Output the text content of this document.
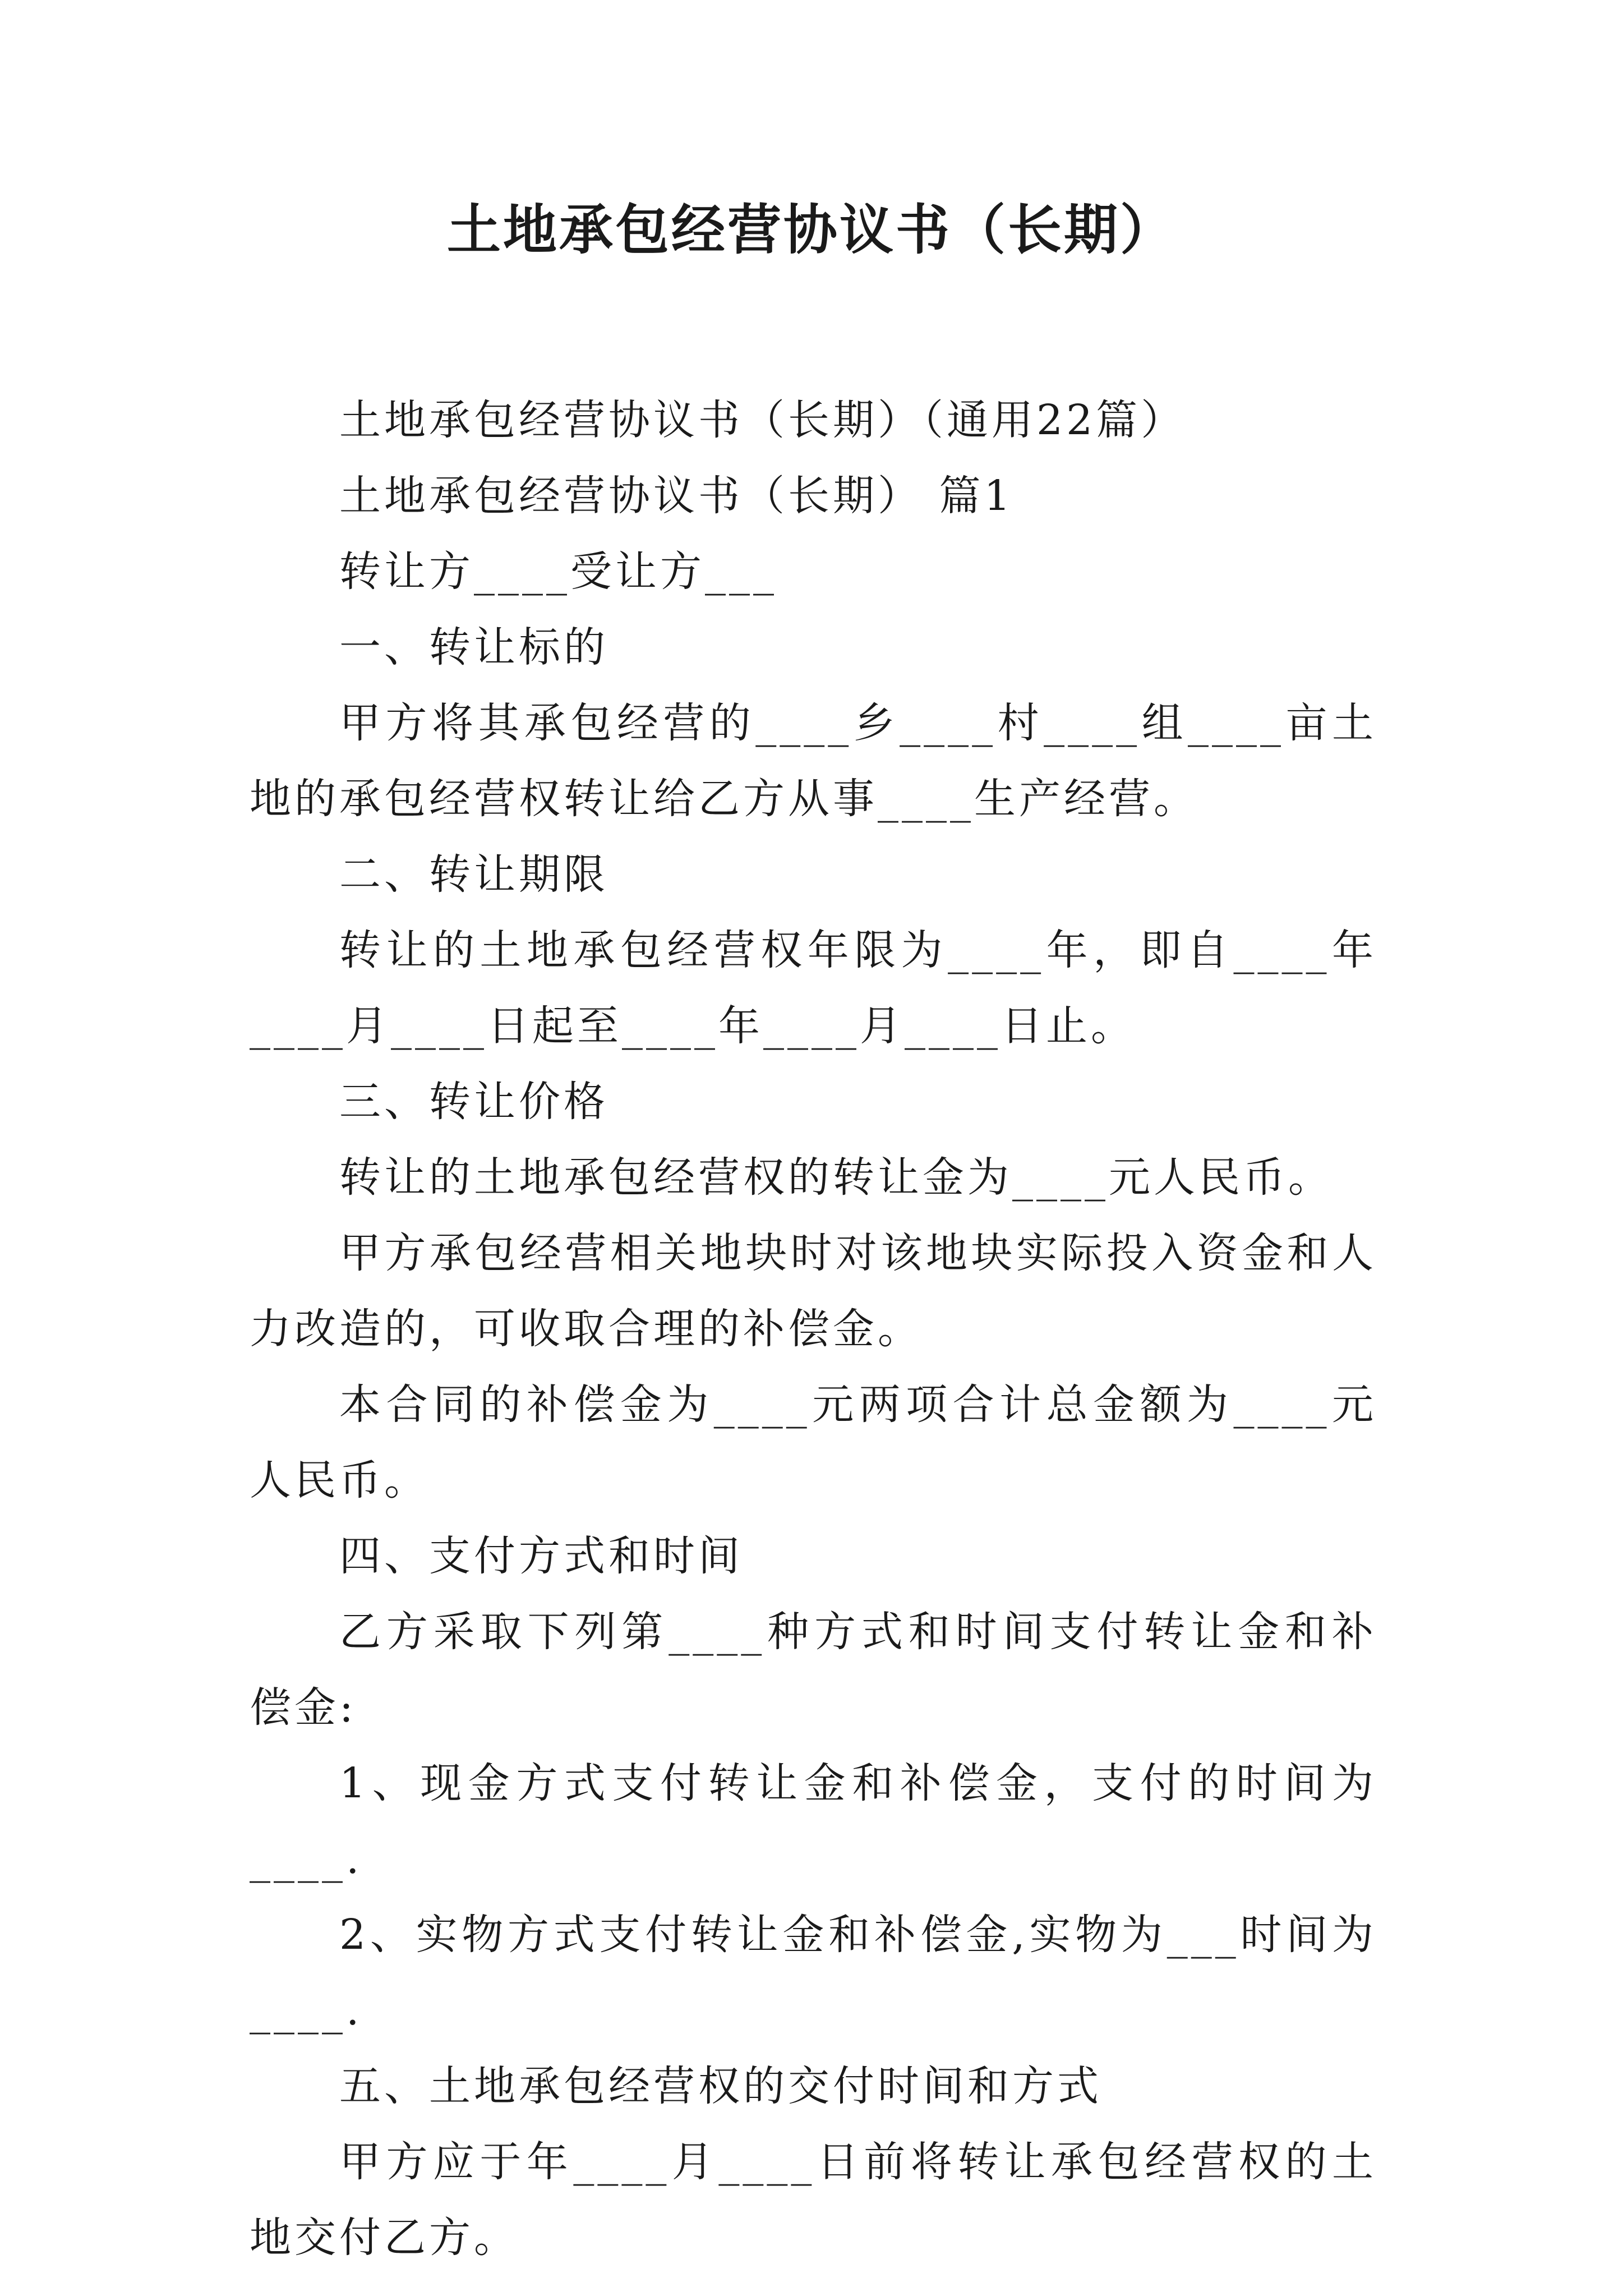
土地承包经营协议书（长期）

土地承包经营协议书（长期）（通用22篇）

土地承包经营协议书（长期） 篇1

转让方____受让方___

一、转让标的

甲方将其承包经营的____乡____村____组____亩土地的承包经营权转让给乙方从事____生产经营。

二、转让期限

转让的土地承包经营权年限为____年，即自____年____月____日起至____年____月____日止。

三、转让价格

转让的土地承包经营权的转让金为____元人民币。

甲方承包经营相关地块时对该地块实际投入资金和人力改造的，可收取合理的补偿金。

本合同的补偿金为____元两项合计总金额为____元人民币。

四、支付方式和时间

乙方采取下列第____种方式和时间支付转让金和补偿金:

1、现金方式支付转让金和补偿金，支付的时间为____.

2、实物方式支付转让金和补偿金,实物为___时间为____.

五、土地承包经营权的交付时间和方式

甲方应于年____月____日前将转让承包经营权的土地交付乙方。
